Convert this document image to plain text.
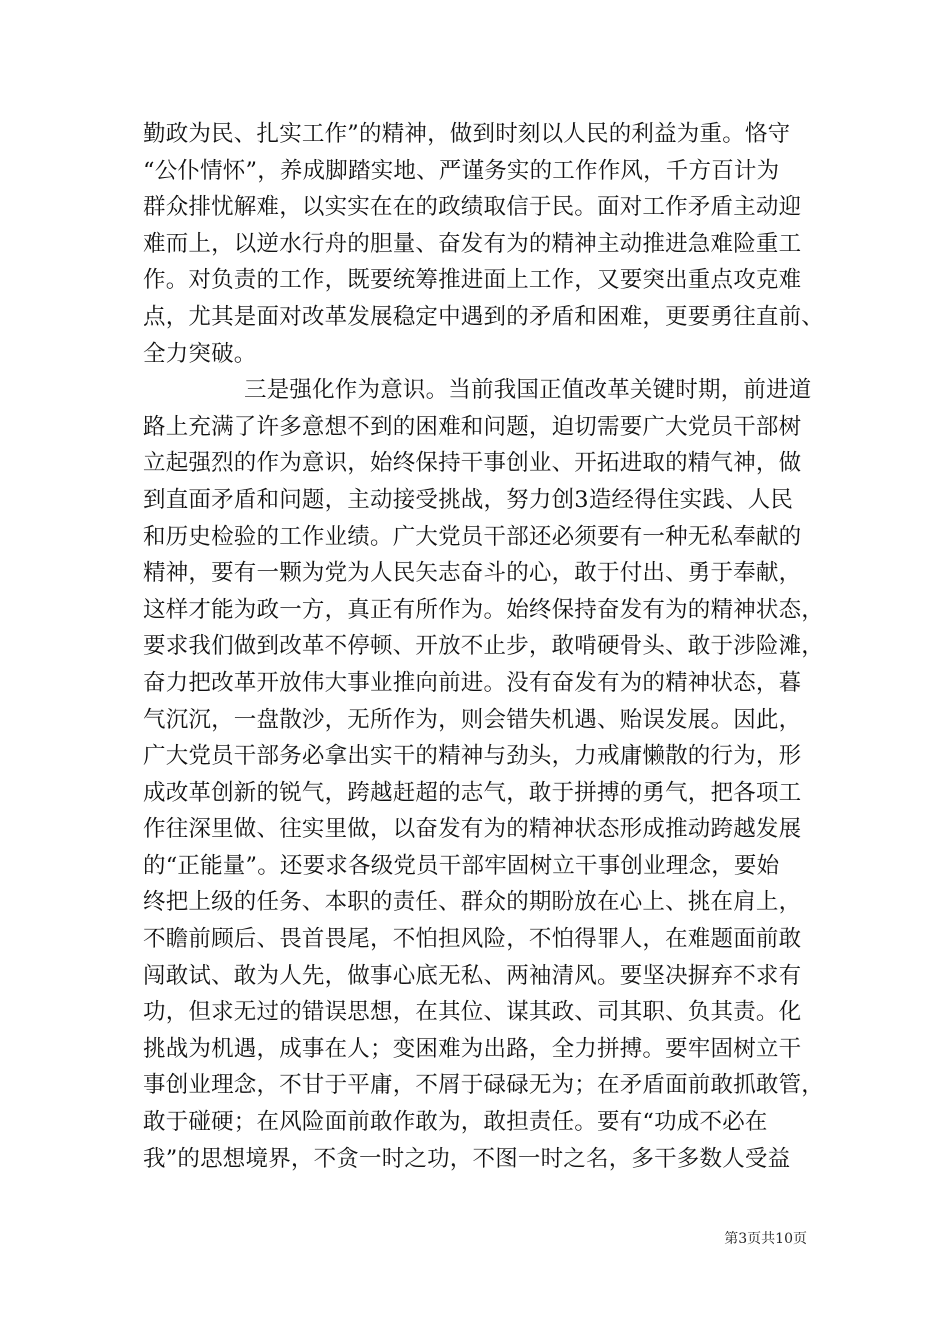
勤政为民、扎实工作”的精神，做到时刻以人民的利益为重。恪守
“公仆情怀”，养成脚踏实地、严谨务实的工作作风，千方百计为
群众排忧解难，以实实在在的政绩取信于民。面对工作矛盾主动迎
难而上，以逆水行舟的胆量、奋发有为的精神主动推进急难险重工
作。对负责的工作，既要统筹推进面上工作，又要突出重点攻克难
点，尤其是面对改革发展稳定中遇到的矛盾和困难，更要勇往直前、
全力突破。
三是强化作为意识。当前我国正值改革关键时期，前进道
路上充满了许多意想不到的困难和问题，迫切需要广大党员干部树
立起强烈的作为意识，始终保持干事创业、开拓进取的精气神，做
到直面矛盾和问题，主动接受挑战，努力创3造经得住实践、人民
和历史检验的工作业绩。广大党员干部还必须要有一种无私奉献的
精神，要有一颗为党为人民矢志奋斗的心，敢于付出、勇于奉献，
这样才能为政一方，真正有所作为。始终保持奋发有为的精神状态，
要求我们做到改革不停顿、开放不止步，敢啃硬骨头、敢于涉险滩，
奋力把改革开放伟大事业推向前进。没有奋发有为的精神状态，暮
气沉沉，一盘散沙，无所作为，则会错失机遇、贻误发展。因此，
广大党员干部务必拿出实干的精神与劲头，力戒庸懒散的行为，形
成改革创新的锐气，跨越赶超的志气，敢于拼搏的勇气，把各项工
作往深里做、往实里做，以奋发有为的精神状态形成推动跨越发展
的“正能量”。还要求各级党员干部牢固树立干事创业理念，要始
终把上级的任务、本职的责任、群众的期盼放在心上、挑在肩上，
不瞻前顾后、畏首畏尾，不怕担风险，不怕得罪人，在难题面前敢
闯敢试、敢为人先，做事心底无私、两袖清风。要坚决摒弃不求有
功，但求无过的错误思想，在其位、谋其政、司其职、负其责。化
挑战为机遇，成事在人；变困难为出路，全力拼搏。要牢固树立干
事创业理念，不甘于平庸，不屑于碌碌无为；在矛盾面前敢抓敢管，
敢于碰硬；在风险面前敢作敢为，敢担责任。要有“功成不必在
我”的思想境界，不贪一时之功，不图一时之名，多干多数人受益
第3页共10页
